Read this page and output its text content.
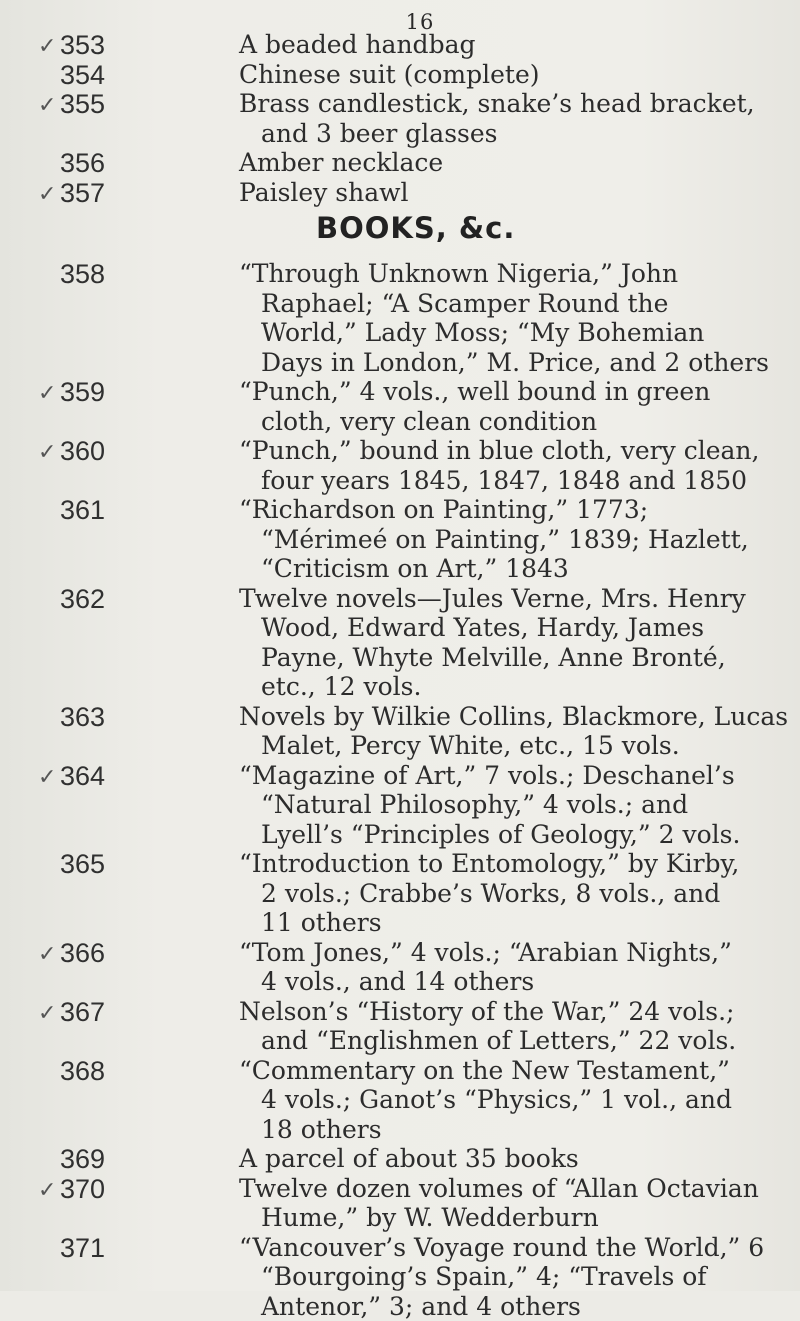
16
✓ 353
354
✓ 355
356
✓ 357
358
✓ 359
✓ 360
361
362
363
✓ 364
365
✓ 366
✓ 367
368
369
✓ 370
371
A beaded handbag
Chinese suit (complete)
Brass candlestick, snake’s head bracket,
and 3 beer glasses
Amber necklace
Paisley shawl
BOOKS, &c.
“Through Unknown Nigeria,” John
Raphael; “A Scamper Round the
World,” Lady Moss; “My Bohemian
Days in London,” M. Price, and 2 others
“Punch,” 4 vols., well bound in green
cloth, very clean condition
“Punch,” bound in blue cloth, very clean,
four years 1845, 1847, 1848 and 1850
“Richardson on Painting,” 1773;
“Mérimeé on Painting,” 1839; Hazlett,
“Criticism on Art,” 1843
Twelve novels—Jules Verne, Mrs. Henry
Wood, Edward Yates, Hardy, James
Payne, Whyte Melville, Anne Bronté,
etc., 12 vols.
Novels by Wilkie Collins, Blackmore, Lucas
Malet, Percy White, etc., 15 vols.
“Magazine of Art,” 7 vols.; Deschanel’s
“Natural Philosophy,” 4 vols.; and
Lyell’s “Principles of Geology,” 2 vols.
“Introduction to Entomology,” by Kirby,
2 vols.; Crabbe’s Works, 8 vols., and
11 others
“Tom Jones,” 4 vols.; “Arabian Nights,”
4 vols., and 14 others
Nelson’s “History of the War,” 24 vols.;
and “Englishmen of Letters,” 22 vols.
“Commentary on the New Testament,”
4 vols.; Ganot’s “Physics,” 1 vol., and
18 others
A parcel of about 35 books
Twelve dozen volumes of “Allan Octavian
Hume,” by W. Wedderburn
“Vancouver’s Voyage round the World,” 6
“Bourgoing’s Spain,” 4; “Travels of
Antenor,” 3; and 4 others
